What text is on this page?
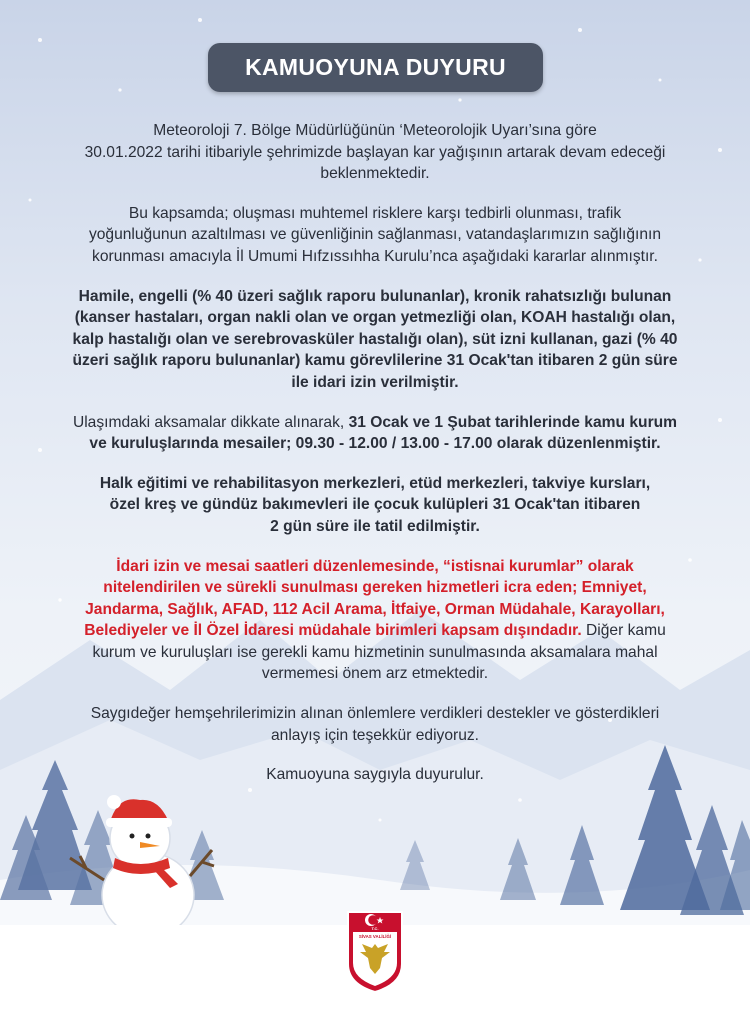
KAMUOYUNA DUYURU

Meteoroloji 7. Bölge Müdürlüğünün ‘Meteorolojik Uyarı’sına göre
30.01.2022 tarihi itibariyle şehrimizde başlayan kar yağışının artarak devam edeceği
beklenmektedir.

Bu kapsamda; oluşması muhtemel risklere karşı tedbirli olunması, trafik
yoğunluğunun azaltılması ve güvenliğinin sağlanması, vatandaşlarımızın sağlığının
korunması amacıyla İl Umumi Hıfzıssıhha Kurulu’nca aşağıdaki kararlar alınmıştır.

Hamile, engelli (% 40 üzeri sağlık raporu bulunanlar), kronik rahatsızlığı bulunan
(kanser hastaları, organ nakli olan ve organ yetmezliği olan, KOAH hastalığı olan,
kalp hastalığı olan ve serebrovasküler hastalığı olan), süt izni kullanan, gazi (% 40
üzeri sağlık raporu bulunanlar) kamu görevlilerine 31 Ocak'tan itibaren 2 gün süre
ile idari izin verilmiştir.

Ulaşımdaki aksamalar dikkate alınarak, 31 Ocak ve 1 Şubat tarihlerinde kamu kurum
ve kuruluşlarında mesailer; 09.30 - 12.00 / 13.00 - 17.00 olarak düzenlenmiştir.

Halk eğitimi ve rehabilitasyon merkezleri, etüd merkezleri, takviye kursları,
özel kreş ve gündüz bakımevleri ile çocuk kulüpleri 31 Ocak'tan itibaren
2 gün süre ile tatil edilmiştir.

İdari izin ve mesai saatleri düzenlemesinde, “istisnai kurumlar” olarak
nitelendirilen ve sürekli sunulması gereken hizmetleri icra eden; Emniyet,
Jandarma, Sağlık, AFAD, 112 Acil Arama, İtfaiye, Orman Müdahale, Karayolları,
Belediyeler ve İl Özel İdaresi müdahale birimleri kapsam dışındadır. Diğer kamu
kurum ve kuruluşları ise gerekli kamu hizmetinin sunulmasında aksamalara mahal
vermemesi önem arz etmektedir.

Saygıdeğer hemşehrilerimizin alınan önlemlere verdikleri destekler ve gösterdikleri
anlayış için teşekkür ediyoruz.

Kamuoyuna saygıyla duyurulur.

T.C.
SİVAS VALİLİĞİ
